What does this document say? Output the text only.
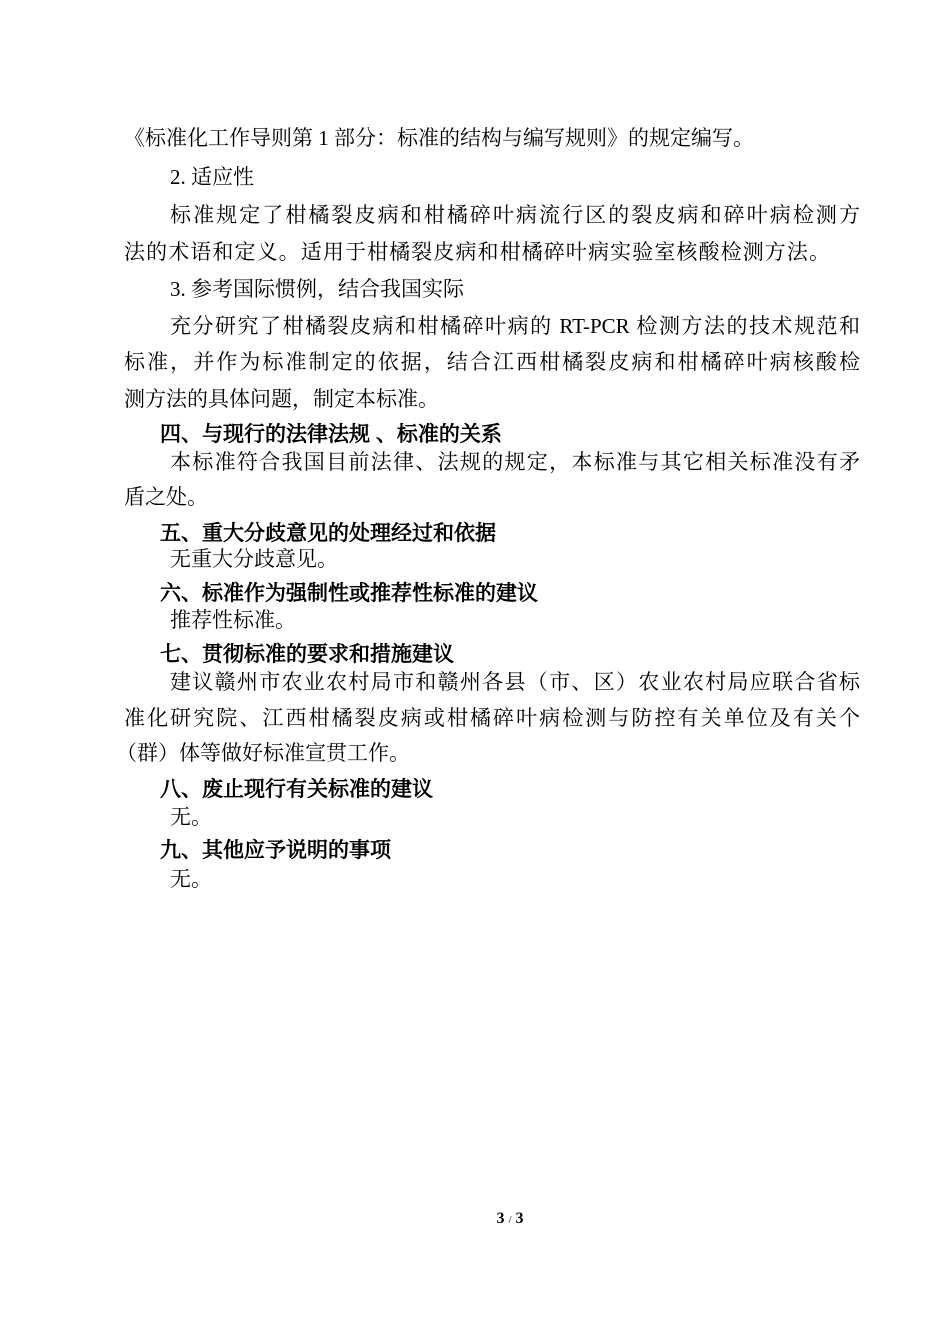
《标准化工作导则第 1 部分：标准的结构与编写规则》的规定编写。
2. 适应性
标准规定了柑橘裂皮病和柑橘碎叶病流行区的裂皮病和碎叶病检测方
法的术语和定义。适用于柑橘裂皮病和柑橘碎叶病实验室核酸检测方法。
3. 参考国际惯例，结合我国实际
充分研究了柑橘裂皮病和柑橘碎叶病的 RT-PCR 检测方法的技术规范和
标准，并作为标准制定的依据，结合江西柑橘裂皮病和柑橘碎叶病核酸检
测方法的具体问题，制定本标准。
四、与现行的法律法规 、标准的关系
本标准符合我国目前法律、法规的规定，本标准与其它相关标准没有矛
盾之处。
五、重大分歧意见的处理经过和依据
无重大分歧意见。
六、标准作为强制性或推荐性标准的建议
推荐性标准。
七、贯彻标准的要求和措施建议
建议赣州市农业农村局市和赣州各县（市、区）农业农村局应联合省标
准化研究院、江西柑橘裂皮病或柑橘碎叶病检测与防控有关单位及有关个
（群）体等做好标准宣贯工作。
八、废止现行有关标准的建议
无。
九、其他应予说明的事项
无。
3 / 3
